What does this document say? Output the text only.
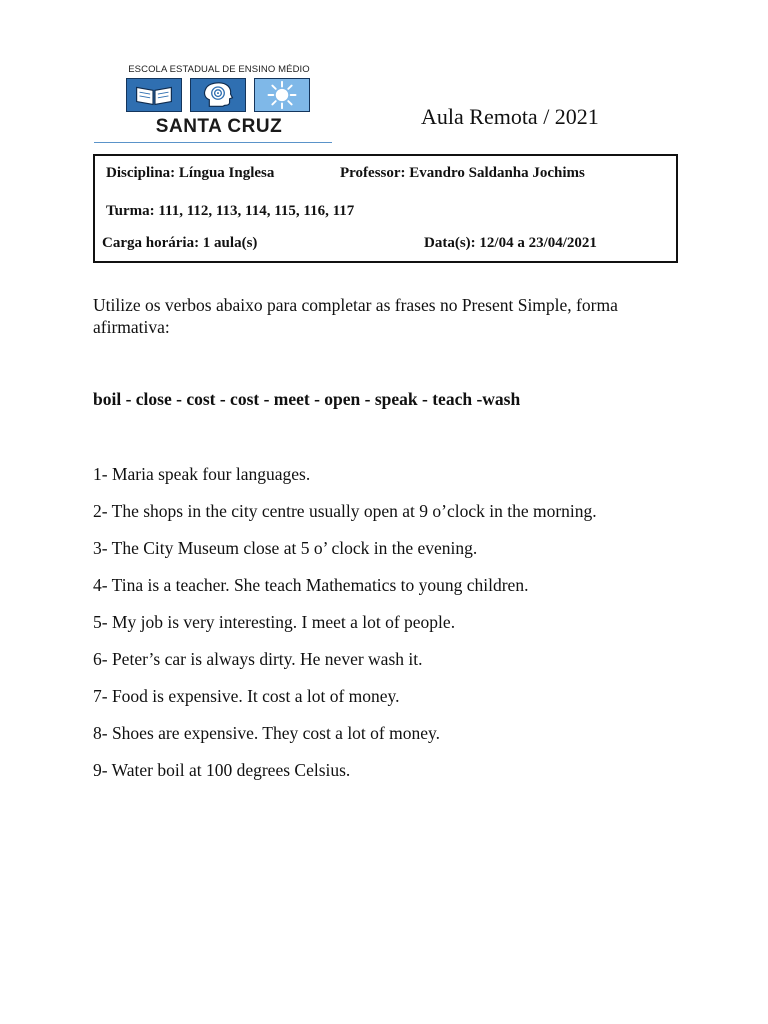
ESCOLA ESTADUAL DE ENSINO MÉDIO
SANTA CRUZ	Aula Remota / 2021
Disciplina: Língua Inglesa	Professor: Evandro Saldanha Jochims
Turma: 111, 112, 113, 114, 115, 116, 117
Carga horária: 1 aula(s)	Data(s): 12/04 a 23/04/2021
Utilize os verbos abaixo para completar as frases no Present Simple, forma afirmativa:
boil - close - cost - cost - meet - open - speak - teach -wash
1- Maria speak four languages.
2- The shops in the city centre usually open at 9 o’clock in the morning.
3- The City Museum close at 5 o’ clock in the evening.
4- Tina is a teacher. She teach Mathematics to young children.
5- My job is very interesting. I meet a lot of people.
6- Peter’s car is always dirty. He never wash it.
7- Food is expensive. It cost a lot of money.
8- Shoes are expensive. They cost a lot of money.
9- Water boil at 100 degrees Celsius.
